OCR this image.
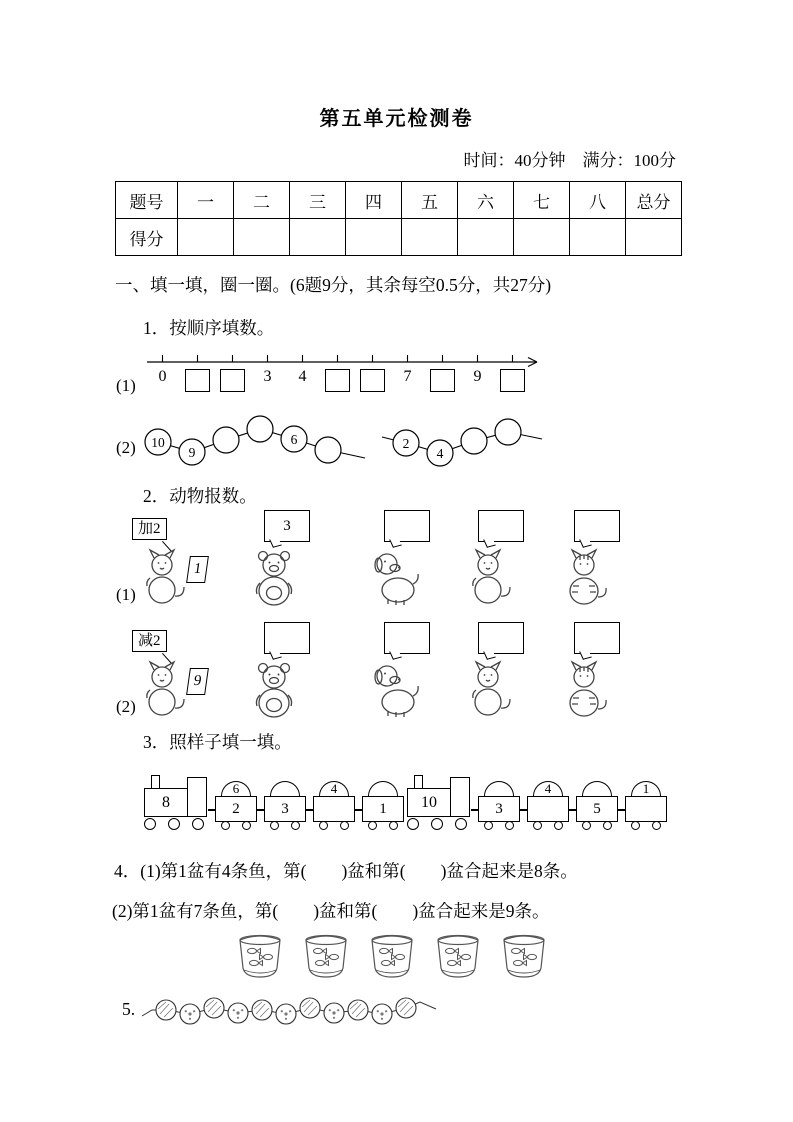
第五单元检测卷
时间：40分钟　满分：100分
题号	一	二	三	四	五	六	七	八	总分
得分									
一、填一填，圈一圈。(6题9分，其余每空0.5分，共27分)
1．按顺序填数。
(1) 0	3 4	7	9
(2) 10
9
6	2
4
2．动物报数。
加2
1
3
(1)
减2
9
(2)
3．照样子填一填。
8
6
2	3
4
1	10	3
4
5
1
4．(1)第1盆有4条鱼，第(　　)盆和第(　　)盆合起来是8条。
(2)第1盆有7条鱼，第(　　)盆和第(　　)盆合起来是9条。
5.
